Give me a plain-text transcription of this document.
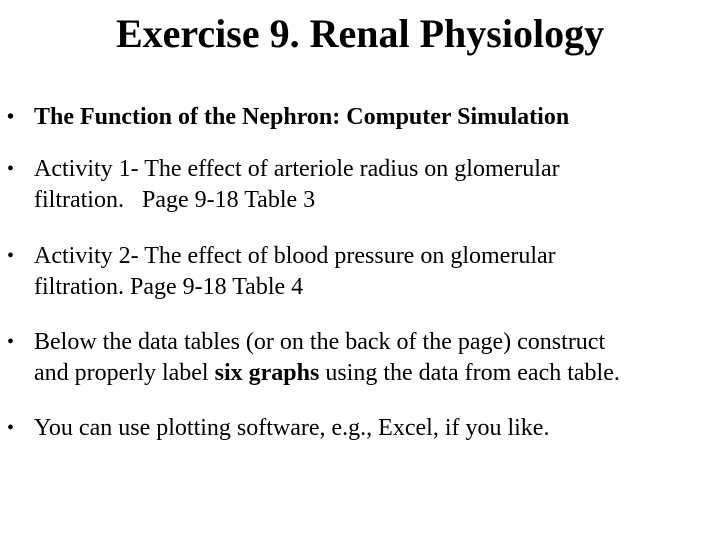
Exercise 9. Renal Physiology
• The Function of the Nephron: Computer Simulation
• Activity 1- The effect of arteriole radius on glomerular
filtration.   Page 9-18 Table 3
• Activity 2- The effect of blood pressure on glomerular
filtration. Page 9-18 Table 4
• Below the data tables (or on the back of the page) construct
and properly label six graphs using the data from each table.
• You can use plotting software, e.g., Excel, if you like.
